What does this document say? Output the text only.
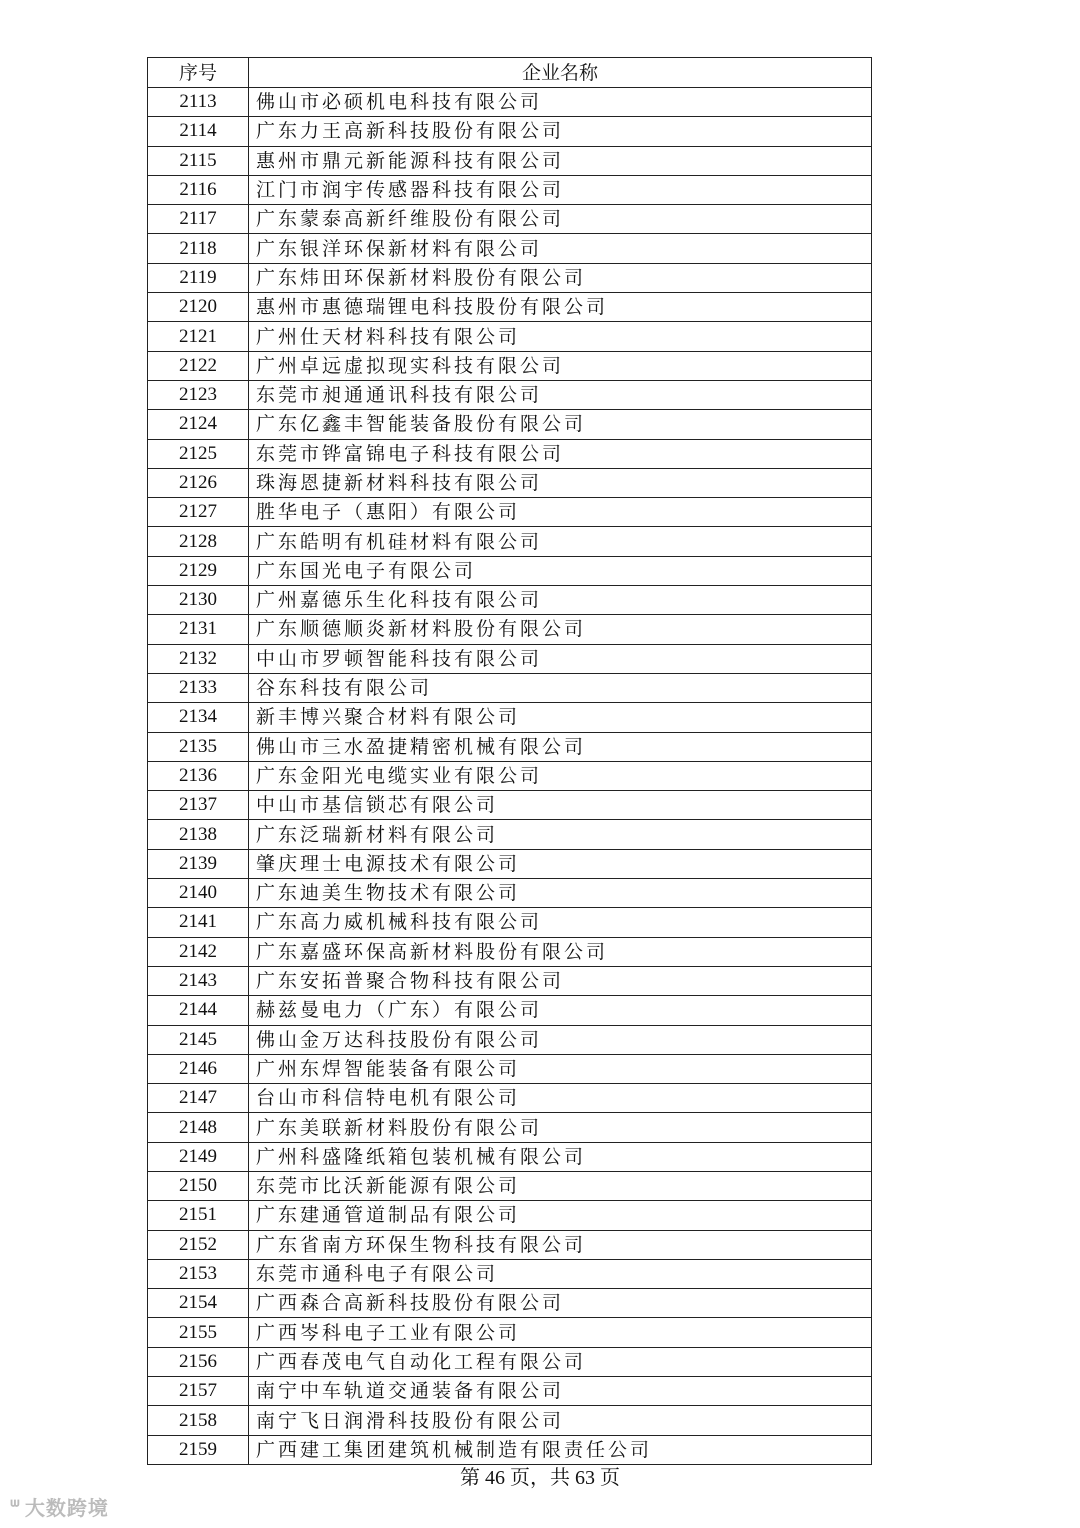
序号	企业名称
2113	佛山市必硕机电科技有限公司
2114	广东力王高新科技股份有限公司
2115	惠州市鼎元新能源科技有限公司
2116	江门市润宇传感器科技有限公司
2117	广东蒙泰高新纤维股份有限公司
2118	广东银洋环保新材料有限公司
2119	广东炜田环保新材料股份有限公司
2120	惠州市惠德瑞锂电科技股份有限公司
2121	广州仕天材料科技有限公司
2122	广州卓远虚拟现实科技有限公司
2123	东莞市昶通通讯科技有限公司
2124	广东亿鑫丰智能装备股份有限公司
2125	东莞市铧富锦电子科技有限公司
2126	珠海恩捷新材料科技有限公司
2127	胜华电子（惠阳）有限公司
2128	广东皓明有机硅材料有限公司
2129	广东国光电子有限公司
2130	广州嘉德乐生化科技有限公司
2131	广东顺德顺炎新材料股份有限公司
2132	中山市罗顿智能科技有限公司
2133	谷东科技有限公司
2134	新丰博兴聚合材料有限公司
2135	佛山市三水盈捷精密机械有限公司
2136	广东金阳光电缆实业有限公司
2137	中山市基信锁芯有限公司
2138	广东泛瑞新材料有限公司
2139	肇庆理士电源技术有限公司
2140	广东迪美生物技术有限公司
2141	广东高力威机械科技有限公司
2142	广东嘉盛环保高新材料股份有限公司
2143	广东安拓普聚合物科技有限公司
2144	赫兹曼电力（广东）有限公司
2145	佛山金万达科技股份有限公司
2146	广州东焊智能装备有限公司
2147	台山市科信特电机有限公司
2148	广东美联新材料股份有限公司
2149	广州科盛隆纸箱包装机械有限公司
2150	东莞市比沃新能源有限公司
2151	广东建通管道制品有限公司
2152	广东省南方环保生物科技有限公司
2153	东莞市通科电子有限公司
2154	广西森合高新科技股份有限公司
2155	广西岑科电子工业有限公司
2156	广西春茂电气自动化工程有限公司
2157	南宁中车轨道交通装备有限公司
2158	南宁飞日润滑科技股份有限公司
2159	广西建工集团建筑机械制造有限责任公司
第 46 页，共 63 页
ᐜ 大数跨境
